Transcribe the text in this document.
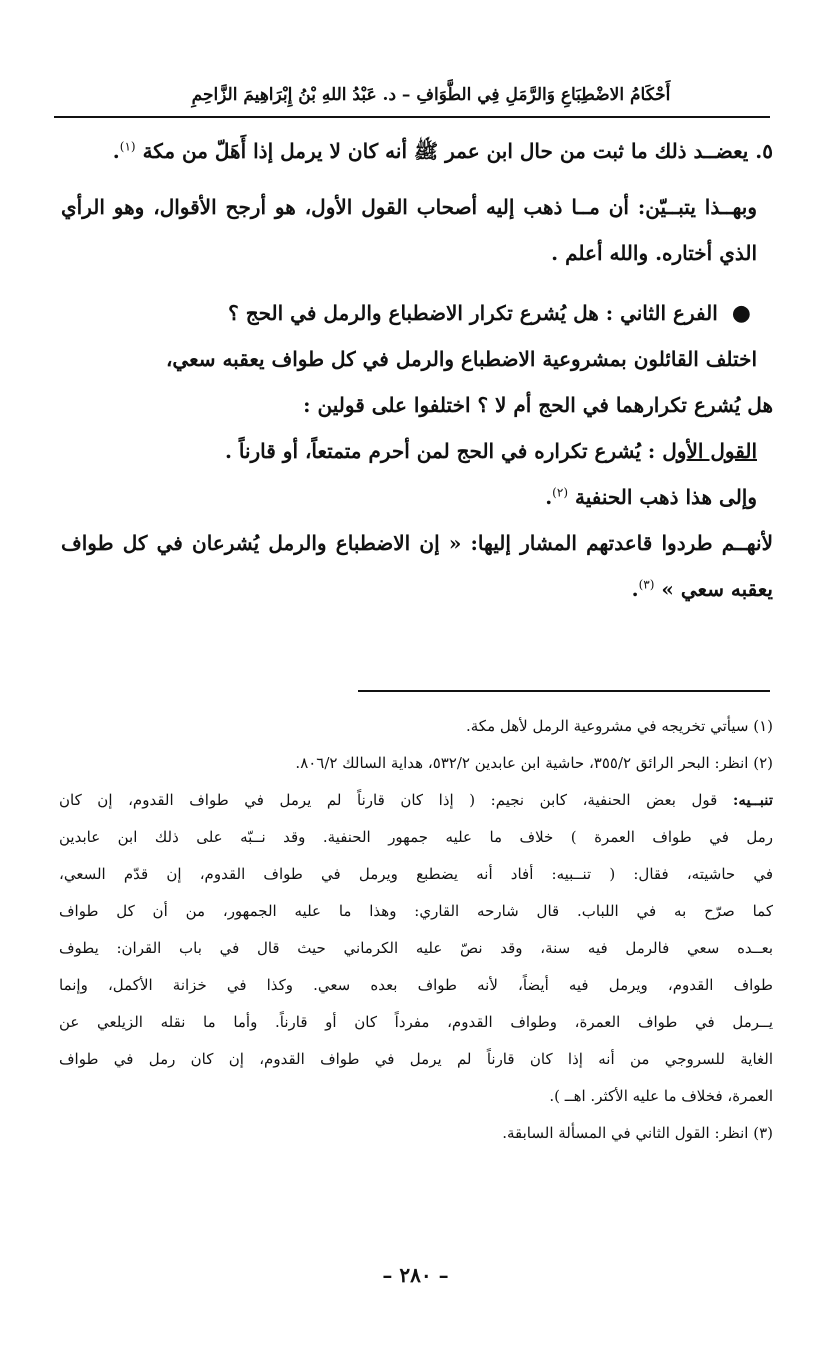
أَحْكَامُ الاضْطِبَاعِ وَالرَّمَلِ فِي الطَّوَافِ – د. عَبْدُ اللهِ بْنُ إِبْرَاهِيمَ الزَّاحِمِ

٥. يعضــد ذلك ما ثبت من حال ابن عمر ﷺ أنه كان لا يرمل إذا أَهَلّ من مكة $^{(١)}$.

وبهــذا يتبــيّن: أن مــا ذهب إليه أصحاب القول الأول، هو أرجح الأقوال، وهو الرأي الذي أختاره. والله أعلم .

●الفرع الثاني : هل يُشرع تكرار الاضطباع والرمل في الحج ؟

اختلف القائلون بمشروعية الاضطباع والرمل في كل طواف يعقبه سعي،

هل يُشرع تكرارهما في الحج أم لا ؟ اختلفوا على قولين :

القول الأول : يُشرع تكراره في الحج لمن أحرم متمتعاً، أو قارناً .

وإلى هذا ذهب الحنفية $^{(٢)}$.

لأنهــم طردوا قاعدتهم المشار إليها: « إن الاضطباع والرمل يُشرعان في كل طواف يعقبه سعي » $^{(٣)}$.

(١) سيأتي تخريجه في مشروعية الرمل لأهل مكة.

(٢) انظر: البحر الرائق ٣٥٥/٢، حاشية ابن عابدين ٥٣٢/٢، هداية السالك ٨٠٦/٢.

تنبــيه: قول بعض الحنفية، كابن نجيم: ( إذا كان قارناً لم يرمل في طواف القدوم، إن كان

رمل في طواف العمرة ) خلاف ما عليه جمهور الحنفية. وقد نــبّه على ذلك ابن عابدين

في حاشيته، فقال: ( تنــبيه: أفاد أنه يضطبع ويرمل في طواف القدوم، إن قدّم السعي،

كما صرّح به في اللباب. قال شارحه القاري: وهذا ما عليه الجمهور، من أن كل طواف

بعــده سعي فالرمل فيه سنة، وقد نصّ عليه الكرماني حيث قال في باب القران: يطوف

طواف القدوم، ويرمل فيه أيضاً، لأنه طواف بعده سعي. وكذا في خزانة الأكمل، وإنما

يــرمل في طواف العمرة، وطواف القدوم، مفرداً كان أو قارناً. وأما ما نقله الزيلعي عن

الغاية للسروجي من أنه إذا كان قارناً لم يرمل في طواف القدوم، إن كان رمل في طواف

العمرة، فخلاف ما عليه الأكثر. اهــ ).

(٣) انظر: القول الثاني في المسألة السابقة.

– ٢٨٠ –
